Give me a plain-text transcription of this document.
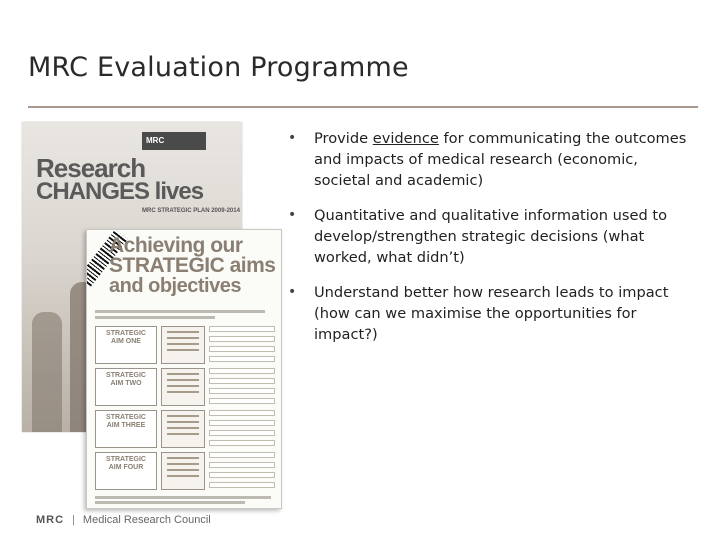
MRC Evaluation Programme
MRC
Research
CHANGES lives
MRC STRATEGIC PLAN 2009-2014
Achieving our
STRATEGIC aims
and objectives
STRATEGIC
AIM ONE
STRATEGIC
AIM TWO
STRATEGIC
AIM THREE
STRATEGIC
AIM FOUR
• Provide evidence for communicating the outcomes and impacts of medical research (economic, societal and academic)
• Quantitative and qualitative information used to develop/strengthen strategic decisions (what worked, what didn’t)
• Understand better how research leads to impact (how can we maximise the opportunities for impact?)
MRC | Medical Research Council
